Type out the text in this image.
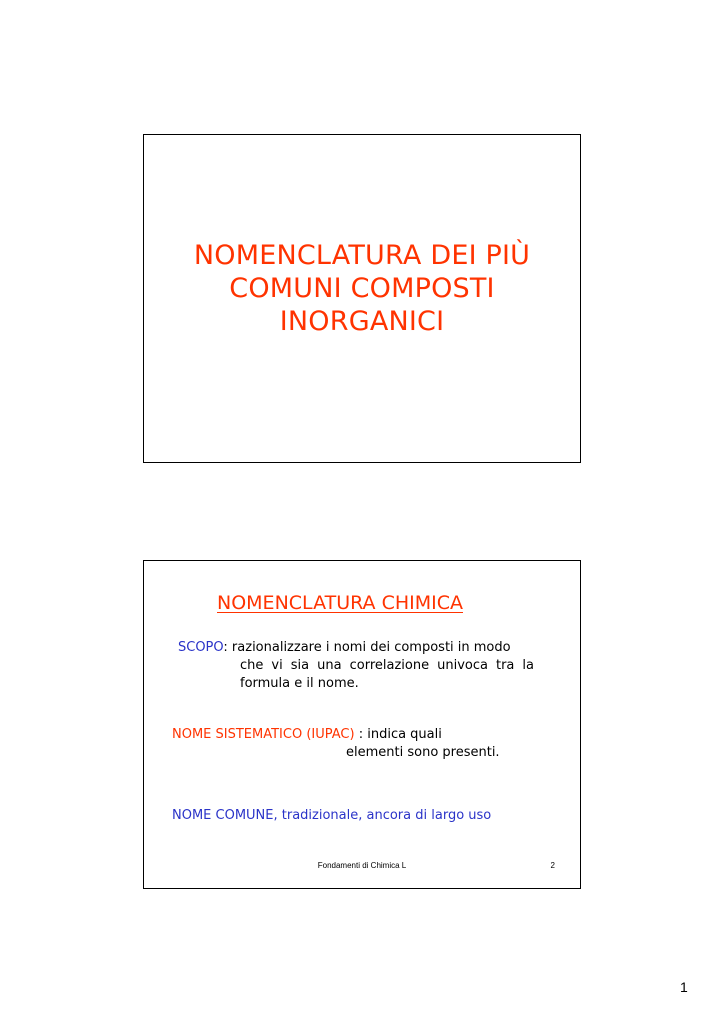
NOMENCLATURA DEI PIÙ
COMUNI COMPOSTI
INORGANICI
NOMENCLATURA CHIMICA
SCOPO: razionalizzare i nomi dei composti in modo
che vi sia una correlazione univoca tra la
formula e il nome.
NOME SISTEMATICO (IUPAC) : indica quali
elementi sono presenti.
NOME COMUNE, tradizionale, ancora di largo uso
Fondamenti di Chimica L	2
1
